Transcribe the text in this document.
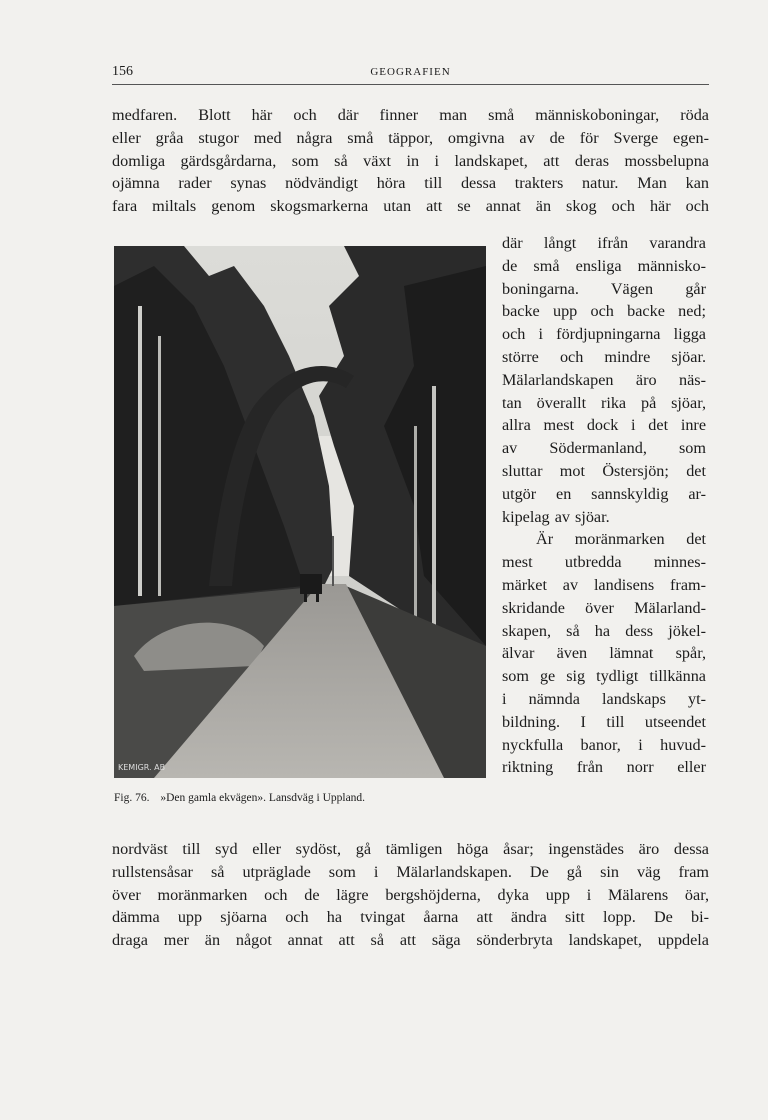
156	GEOGRAFIEN

medfaren. Blott här och där finner man små människoboningar, röda
eller gråa stugor med några små täppor, omgivna av de för Sverge egen-
domliga gärdsgårdarna, som så växt in i landskapet, att deras mossbelupna
ojämna rader synas nödvändigt höra till dessa trakters natur. Man kan
fara miltals genom skogsmarkerna utan att se annat än skog och här och

KEMIGR. AB

där långt ifrån varandra
de små ensliga människo-
boningarna. Vägen går
backe upp och backe ned;
och i fördjupningarna ligga
större och mindre sjöar.
Mälarlandskapen äro näs-
tan överallt rika på sjöar,
allra mest dock i det inre
av Södermanland, som
sluttar mot Östersjön; det
utgör en sannskyldig ar-
kipelag av sjöar.
Är moränmarken det
mest utbredda minnes-
märket av landisens fram-
skridande över Mälarland-
skapen, så ha dess jökel-
älvar även lämnat spår,
som ge sig tydligt tillkänna
i nämnda landskaps yt-
bildning. I till utseendet
nyckfulla banor, i huvud-
riktning från norr eller

Fig. 76. »Den gamla ekvägen». Lansdväg i Uppland.

nordväst till syd eller sydöst, gå tämligen höga åsar; ingenstädes äro dessa
rullstensåsar så utpräglade som i Mälarlandskapen. De gå sin väg fram
över moränmarken och de lägre bergshöjderna, dyka upp i Mälarens öar,
dämma upp sjöarna och ha tvingat åarna att ändra sitt lopp. De bi-
draga mer än något annat att så att säga sönderbryta landskapet, uppdela
